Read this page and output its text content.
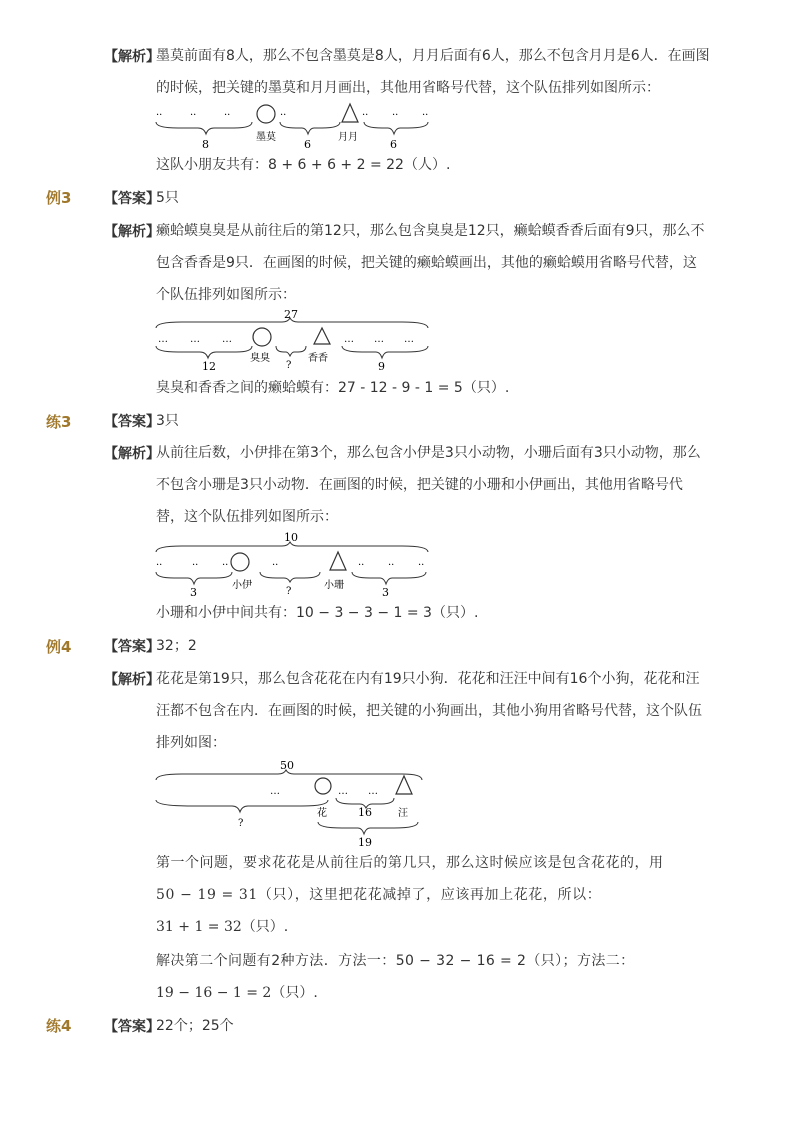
【解析】
墨莫前面有8人，那么不包含墨莫是8人，月月后面有6人，那么不包含月月是6人．在画图
的时候，把关键的墨莫和月月画出，其他用省略号代替，这个队伍排列如图所示：
··	··	··
8
墨莫
··
6
月月
·· ·· ··
6
这队小朋友共有：8 + 6 + 6 + 2 = 22（人）.
例3 【答案】
5只
【解析】
癞蛤蟆臭臭是从前往后的第12只，那么包含臭臭是12只，癞蛤蟆香香后面有9只，那么不
包含香香是9只．在画图的时候，把关键的癞蛤蟆画出，其他的癞蛤蟆用省略号代替，这
个队伍排列如图所示：
27
… … …
12
臭臭
?
香香
… … …
9
臭臭和香香之间的癞蛤蟆有：27 - 12 - 9 - 1 = 5（只）.
练3 【答案】
3只
【解析】
从前往后数，小伊排在第3个，那么包含小伊是3只小动物，小珊后面有3只小动物，那么
不包含小珊是3只小动物．在画图的时候，把关键的小珊和小伊画出，其他用省略号代
替，这个队伍排列如图所示：
10
··	·· ··
3
小伊
··
?
小珊
·· ·· ··
3
小珊和小伊中间共有：10 − 3 − 3 − 1 = 3（只）.
例4 【答案】
32；2
【解析】
花花是第19只，那么包含花花在内有19只小狗．花花和汪汪中间有16个小狗，花花和汪
汪都不包含在内．在画图的时候，把关键的小狗画出，其他小狗用省略号代替，这个队伍
排列如图：
50
…
?
花
… …
16	汪
19
第一个问题，要求花花是从前往后的第几只，那么这时候应该是包含花花的，用
50 − 19 = 31（只），这里把花花减掉了，应该再加上花花，所以：
31 + 1 = 32（只）.
解决第二个问题有2种方法．方法一：50 − 32 − 16 = 2（只）；方法二：
19 − 16 − 1 = 2（只）.
练4 【答案】
22个；25个
